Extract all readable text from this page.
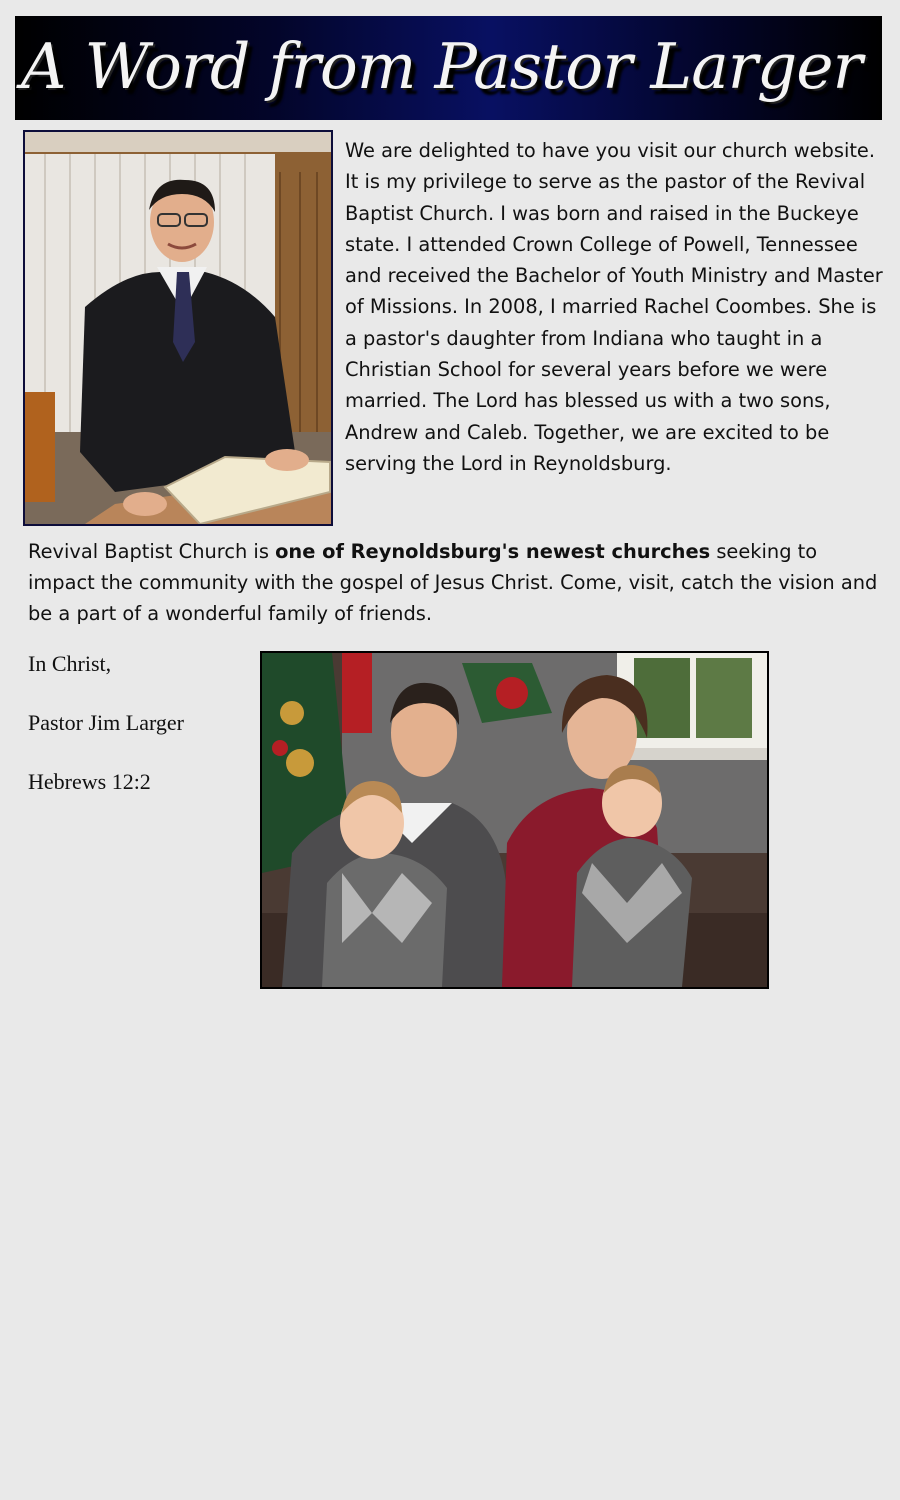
A Word from Pastor Larger

We are delighted to have you visit our church website. It is my privilege to serve as the pastor of the Revival Baptist Church. I was born and raised in the Buckeye state. I attended Crown College of Powell, Tennessee and received the Bachelor of Youth Ministry and Master of Missions. In 2008, I married Rachel Coombes. She is a pastor's daughter from Indiana who taught in a Christian School for several years before we were married. The Lord has blessed us with a two sons, Andrew and Caleb. Together, we are excited to be serving the Lord in Reynoldsburg.

Revival Baptist Church is one of Reynoldsburg's newest churches seeking to impact the community with the gospel of Jesus Christ. Come, visit, catch the vision and be a part of a wonderful family of friends.

In Christ,

Pastor Jim Larger

Hebrews 12:2
